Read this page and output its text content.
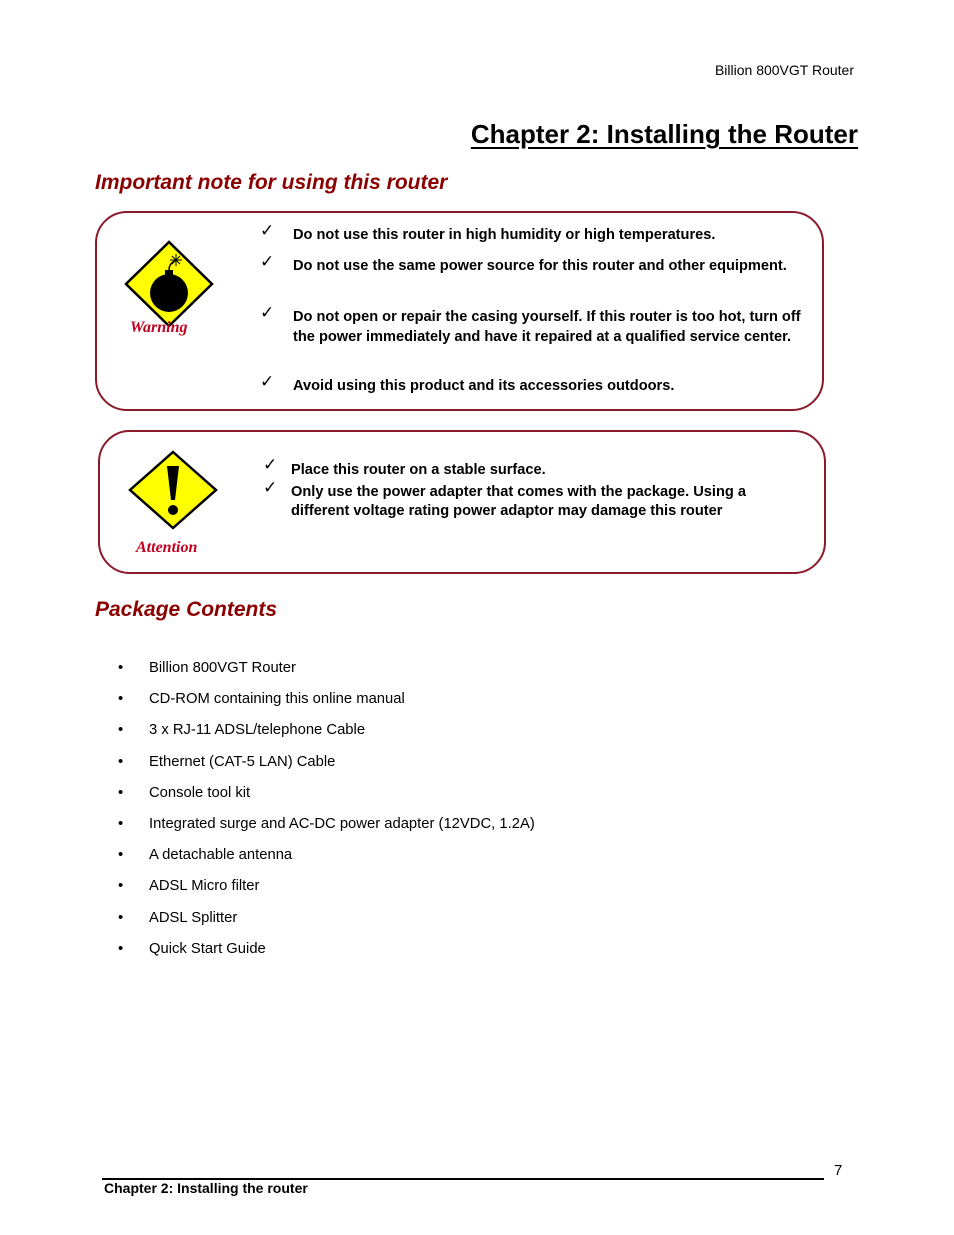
Billion 800VGT Router
Chapter 2: Installing the Router
Important note for using this router
Warning
✓ Do not use this router in high humidity or high temperatures.
✓ Do not use the same power source for this router and other equipment.
✓ Do not open or repair the casing yourself. If this router is too hot, turn off the power immediately and have it repaired at a qualified service center.
✓ Avoid using this product and its accessories outdoors.
Attention
✓ Place this router on a stable surface.
✓ Only use the power adapter that comes with the package. Using a different voltage rating power adaptor may damage this router
Package Contents
• Billion 800VGT Router
• CD-ROM containing this online manual
• 3 x RJ-11 ADSL/telephone Cable
• Ethernet (CAT-5 LAN) Cable
• Console tool kit
• Integrated surge and AC-DC power adapter (12VDC, 1.2A)
• A detachable antenna
• ADSL Micro filter
• ADSL Splitter
• Quick Start Guide
7
Chapter 2: Installing the router
